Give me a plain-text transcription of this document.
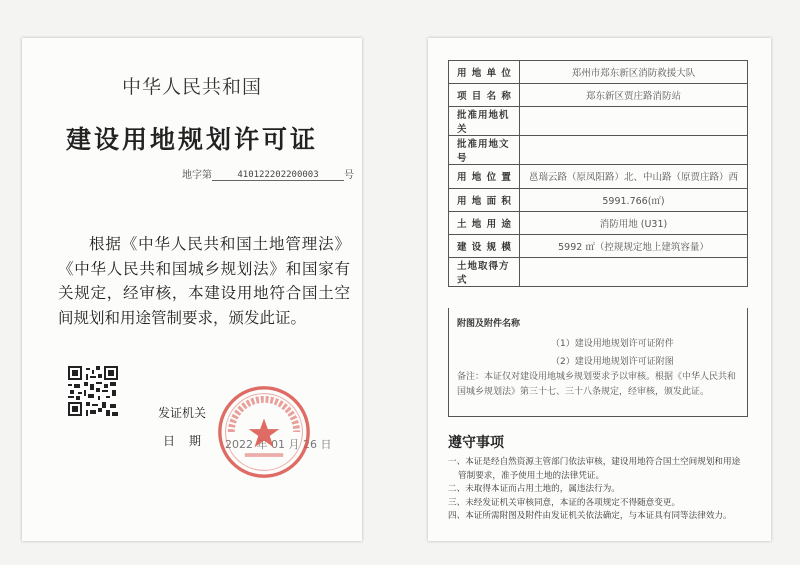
中华人民共和国
建设用地规划许可证
地字第	410122202200003	号
根据《中华人民共和国土地管理法》《中华人民共和国城乡规划法》和国家有关规定，经审核，本建设用地符合国土空间规划和用途管制要求，颁发此证。
发证机关
日期 2022 年 01 月 26 日
用 地 单 位	郑州市郑东新区消防救援大队
项 目 名 称	郑东新区贾庄路消防站
批准用地机关	
批准用地文号	
用 地 位 置	邕瑞云路（原凤阳路）北、中山路（原贾庄路）西
用 地 面 积	5991.766(㎡)
土 地 用 途	消防用地 (U31)
建 设 规 模	5992 ㎡（控规规定地上建筑容量）
土地取得方式	
附图及附件名称
（1）建设用地规划许可证附件
（2）建设用地规划许可证附图
备注：本证仅对建设用地城乡规划要求予以审核。根据《中华人民共和国城乡规划法》第三十七、三十八条规定，经审核，颁发此证。
遵守事项
一、本证是经自然资源主管部门依法审核，建设用地符合国土空间规划和用途管制要求，准予使用土地的法律凭证。
二、未取得本证而占用土地的，属违法行为。
三、未经发证机关审核同意，本证的各项规定不得随意变更。
四、本证所需附图及附件由发证机关依法确定，与本证具有同等法律效力。
